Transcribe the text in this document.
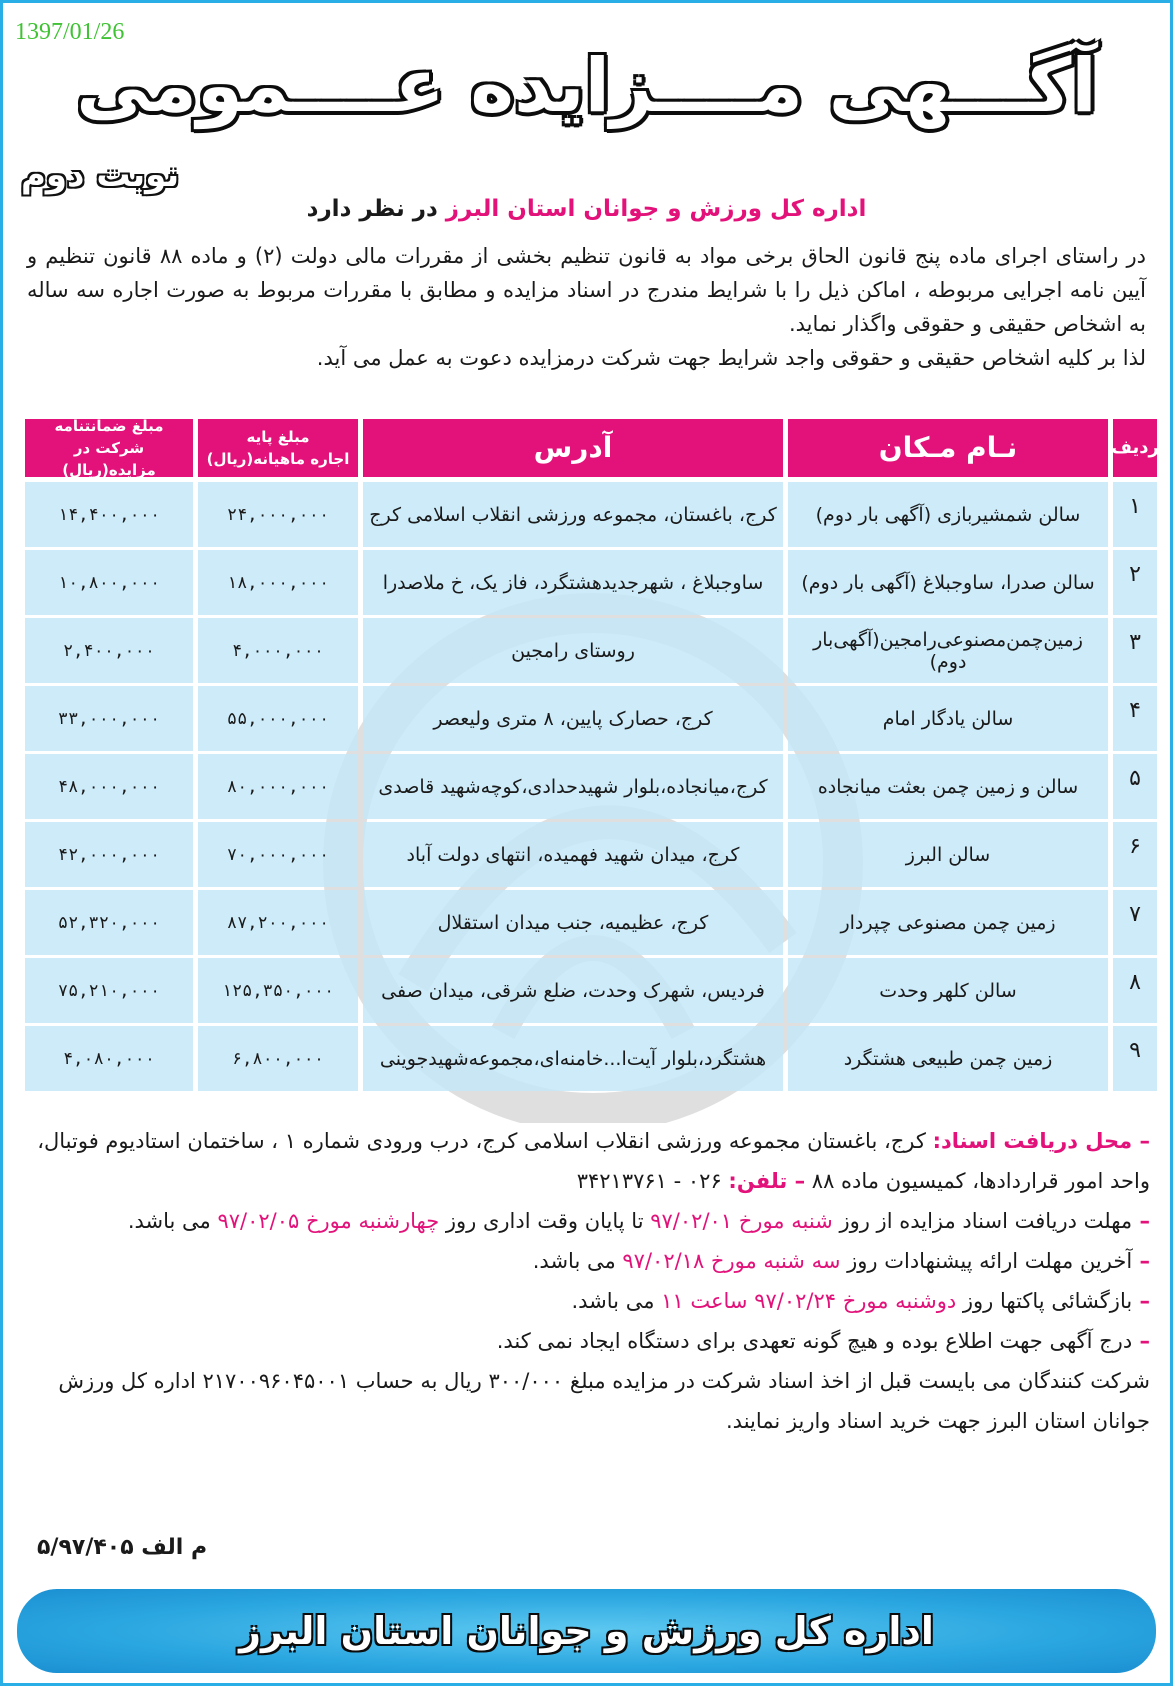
1397/01/26
آگـــهی مــــزایده عــــمومی
نوبت دوم
اداره کل ورزش و جوانان استان البرز در نظر دارد

در راستای اجرای ماده پنج قانون الحاق برخی مواد به قانون تنظیم بخشی از مقررات مالی دولت (۲) و ماده ۸۸ قانون تنظیم و آیین نامه اجرایی مربوطه ، اماکن ذیل را با شرایط مندرج در اسناد مزایده و مطابق با مقررات مربوط به صورت اجاره سه ساله به اشخاص حقیقی و حقوقی واگذار نماید.

لذا بر کلیه اشخاص حقیقی و حقوقی واجد شرایط جهت شرکت درمزایده دعوت به عمل می آید.

ردیف
نـام مـکان
آدرس
مبلغ پایه
اجاره ماهیانه(ریال)
مبلغ ضمانتنامه
شرکت در مزایده(ریال)
۱
سالن شمشیربازی (آگهی بار دوم)
کرج، باغستان، مجموعه ورزشی انقلاب اسلامی کرج
۲۴,۰۰۰,۰۰۰
۱۴,۴۰۰,۰۰۰
۲
سالن صدرا، ساوجبلاغ (آگهی بار دوم)
ساوجبلاغ ، شهرجدیدهشتگرد، فاز یک، خ ملاصدرا
۱۸,۰۰۰,۰۰۰
۱۰,۸۰۰,۰۰۰
۳
زمین‌چمن‌مصنوعی‌رامجین(آگهی‌بار دوم)
روستای رامجین
۴,۰۰۰,۰۰۰
۲,۴۰۰,۰۰۰
۴
سالن یادگار امام
کرج، حصارک پایین، ۸ متری ولیعصر
۵۵,۰۰۰,۰۰۰
۳۳,۰۰۰,۰۰۰
۵
سالن و زمین چمن بعثت میانجاده
کرج،میانجاده،بلوار شهیدحدادی،کوچه‌شهید قاصدی
۸۰,۰۰۰,۰۰۰
۴۸,۰۰۰,۰۰۰
۶
سالن البرز
کرج، میدان شهید فهمیده، انتهای دولت آباد
۷۰,۰۰۰,۰۰۰
۴۲,۰۰۰,۰۰۰
۷
زمین چمن مصنوعی چپردار
کرج، عظیمیه، جنب میدان استقلال
۸۷,۲۰۰,۰۰۰
۵۲,۳۲۰,۰۰۰
۸
سالن کلهر وحدت
فردیس، شهرک وحدت، ضلع شرقی، میدان صفی
۱۲۵,۳۵۰,۰۰۰
۷۵,۲۱۰,۰۰۰
۹
زمین چمن طبیعی هشتگرد
هشتگرد،بلوار آیت‌ا...خامنه‌ای،مجموعه‌شهیدجوینی
۶,۸۰۰,۰۰۰
۴,۰۸۰,۰۰۰
– محل دریافت اسناد: کرج، باغستان مجموعه ورزشی انقلاب اسلامی کرج، درب ورودی شماره ۱ ، ساختمان استادیوم فوتبال، واحد امور قراردادها، کمیسیون ماده ۸۸ – تلفن: ۰۲۶ - ۳۴۲۱۳۷۶۱
– مهلت دریافت اسناد مزایده از روز شنبه مورخ ۹۷/۰۲/۰۱ تا پایان وقت اداری روز چهارشنبه مورخ ۹۷/۰۲/۰۵ می باشد.
– آخرین مهلت ارائه پیشنهادات روز سه شنبه مورخ ۹۷/۰۲/۱۸ می باشد.
– بازگشائی پاکتها روز دوشنبه مورخ ۹۷/۰۲/۲۴ ساعت ۱۱ می باشد.
– درج آگهی جهت اطلاع بوده و هیچ گونه تعهدی برای دستگاه ایجاد نمی کند.
شرکت کنندگان می بایست قبل از اخذ اسناد شرکت در مزایده مبلغ ۳۰۰/۰۰۰ ریال به حساب ۲۱۷۰۰۹۶۰۴۵۰۰۱ اداره کل ورزش جوانان استان البرز جهت خرید اسناد واریز نمایند.
م الف ۵/۹۷/۴۰۵
اداره کل ورزش و جوانان استان البرز
